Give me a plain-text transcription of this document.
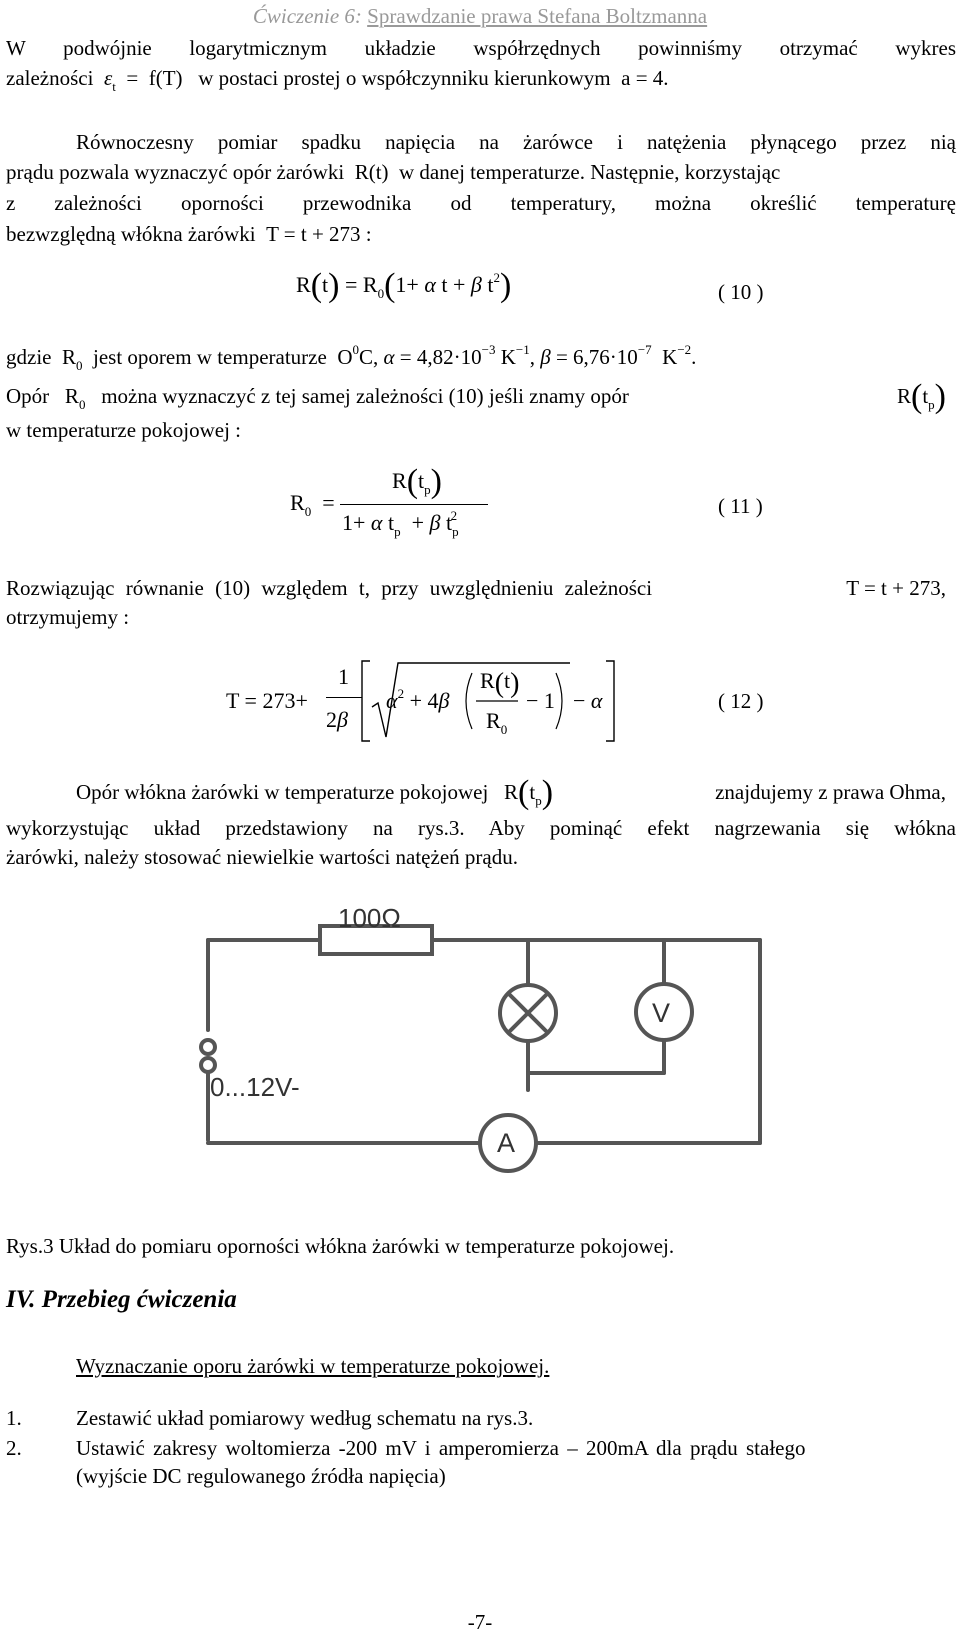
Ćwiczenie 6: Sprawdzanie prawa Stefana Boltzmanna
W podwójnie logarytmicznym układzie współrzędnych powinniśmy otrzymać wykres
zależności $\varepsilon_t = f(T)$   w postaci prostej o współczynniku kierunkowym a = 4.
Równoczesny pomiar spadku napięcia na żarówce i natężenia płynącego przez nią
prądu pozwala wyznaczyć opór żarówki  R(t)  w danej temperaturze. Następnie, korzystając
z zależności oporności przewodnika od temperatury, można określić temperaturę
bezwzględną włókna żarówki T = t + 273 :
$R(t) = R_0(1+ \alpha$ t + β $t^2$)	( 10 )
gdzie  $R_0$ jest oporem w temperaturze  $O^0C$, $\alpha = 4,82\cdot 10^{-3}$ $K^{-1}$, $\beta = 6,76\cdot 10^{-7}$  $K^{-2}$.
Opór   $R_0$ można wyznaczyć z tej samej zależności (10) jeśli znamy opór	$R(t_p)$
w temperaturze pokojowej :
$R_0$  =
$R(t_p)$
1+ α $t_p + \beta$ $t_p^2$	( 11 )
Rozwiązując równanie (10) względem t, przy uwzględnieniu zależności	T = t + 273,
otrzymujemy :
T = 273+
1
2β
$\alpha^2 + 4\beta$
R(t)
$R_0$
− 1 − α	( 12 )
Opór włókna żarówki w temperaturze pokojowej   $R(t_p)$	znajdujemy z prawa Ohma,
wykorzystując układ przedstawiony na rys.3. Aby pominąć efekt nagrzewania się włókna
żarówki, należy stosować niewielkie wartości natężeń prądu.
100Ω
0...12V-
V
A
Rys.3 Układ do pomiaru oporności włókna żarówki w temperaturze pokojowej.
IV. Przebieg ćwiczenia
Wyznaczanie oporu żarówki w temperaturze pokojowej.
1.	Zestawić układ pomiarowy według schematu na rys.3.
2.	Ustawić zakresy woltomierza -200 mV i amperomierza – 200mA dla prądu stałego
(wyjście DC regulowanego źródła napięcia)
-7-
